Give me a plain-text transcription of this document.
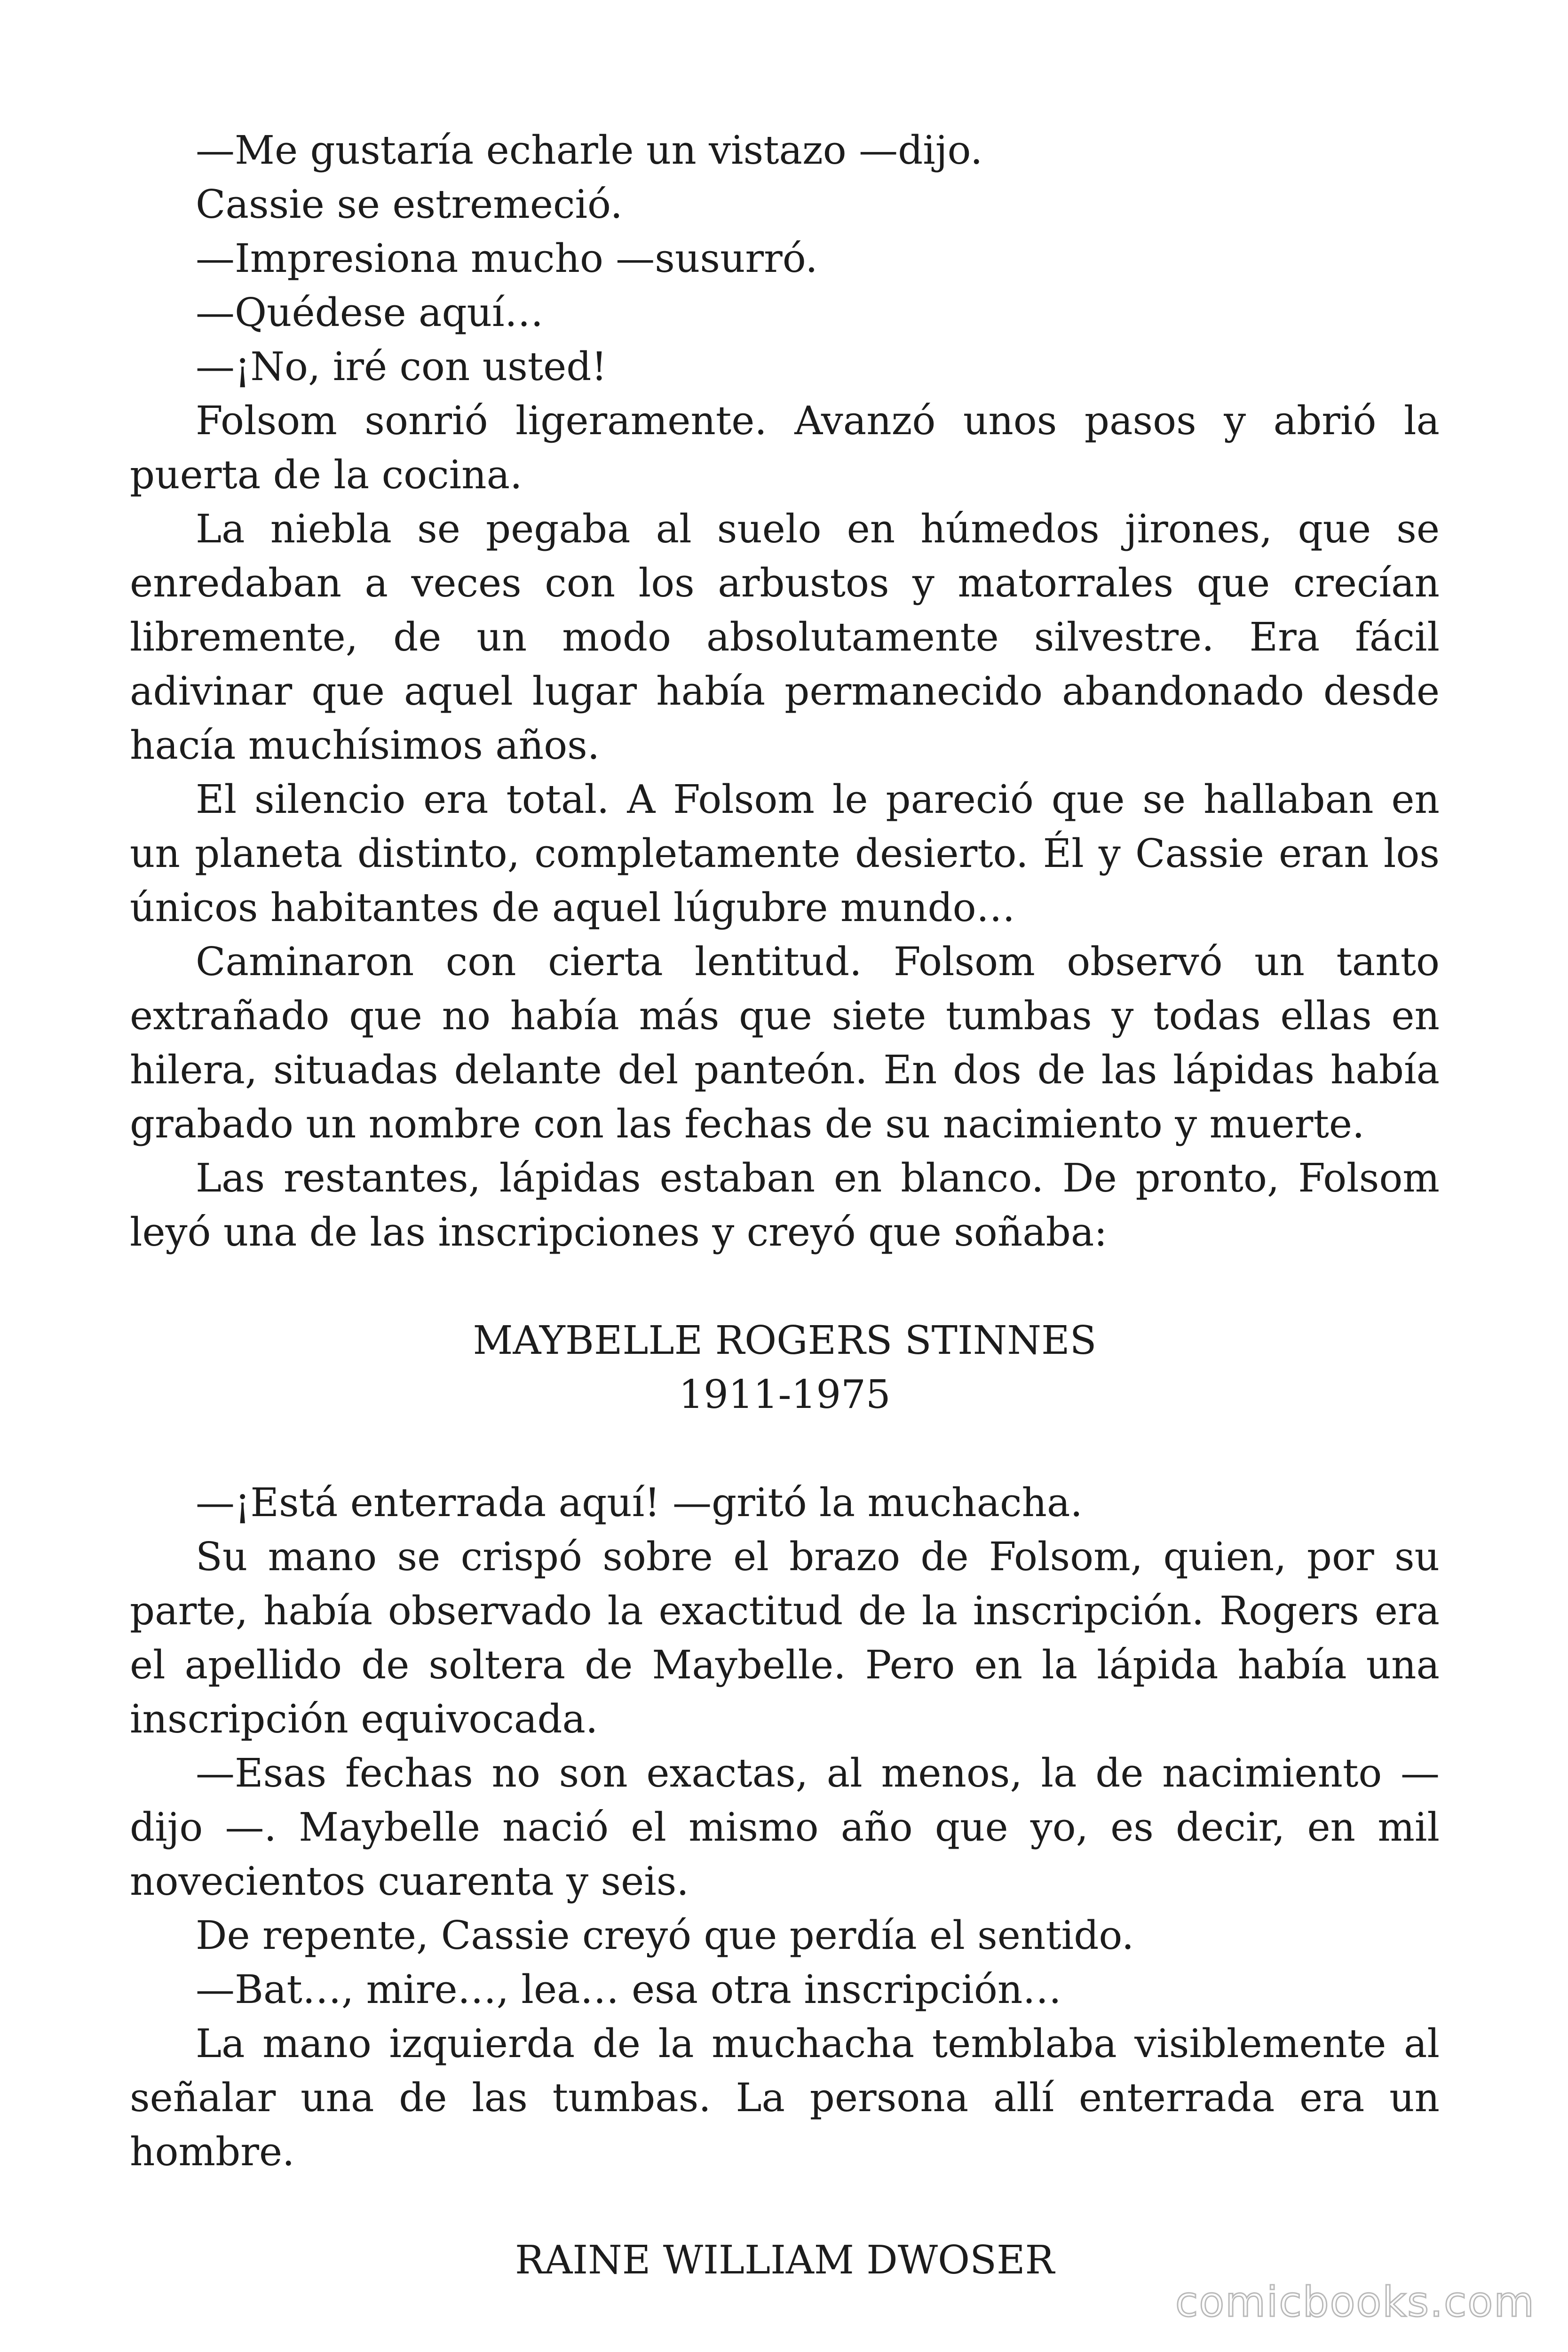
—Me gustaría echarle un vistazo —dijo.

Cassie se estremeció.

—Impresiona mucho —susurró.

—Quédese aquí…

—¡No, iré con usted!

Folsom sonrió ligeramente. Avanzó unos pasos y abrió la puerta de la cocina.

La niebla se pegaba al suelo en húmedos jirones, que se enredaban a veces con los arbustos y matorrales que crecían libremente, de un modo absolutamente silvestre. Era fácil adivinar que aquel lugar había permanecido abandonado desde hacía muchísimos años.

El silencio era total. A Folsom le pareció que se hallaban en un planeta distinto, completamente desierto. Él y Cassie eran los únicos habitantes de aquel lúgubre mundo…

Caminaron con cierta lentitud. Folsom observó un tanto extrañado que no había más que siete tumbas y todas ellas en hilera, situadas delante del panteón. En dos de las lápidas había grabado un nombre con las fechas de su nacimiento y muerte.

Las restantes, lápidas estaban en blanco. De pronto, Folsom leyó una de las inscripciones y creyó que soñaba:

MAYBELLE ROGERS STINNES

1911-1975

—¡Está enterrada aquí! —gritó la muchacha.

Su mano se crispó sobre el brazo de Folsom, quien, por su parte, había observado la exactitud de la inscripción. Rogers era el apellido de soltera de Maybelle. Pero en la lápida había una inscripción equivocada.

—Esas fechas no son exactas, al menos, la de nacimiento —dijo —. Maybelle nació el mismo año que yo, es decir, en mil novecientos cuarenta y seis.

De repente, Cassie creyó que perdía el sentido.

—Bat…, mire…, lea… esa otra inscripción…

La mano izquierda de la muchacha temblaba visiblemente al señalar una de las tumbas. La persona allí enterrada era un hombre.

RAINE WILLIAM DWOSER

comicbooks.com
